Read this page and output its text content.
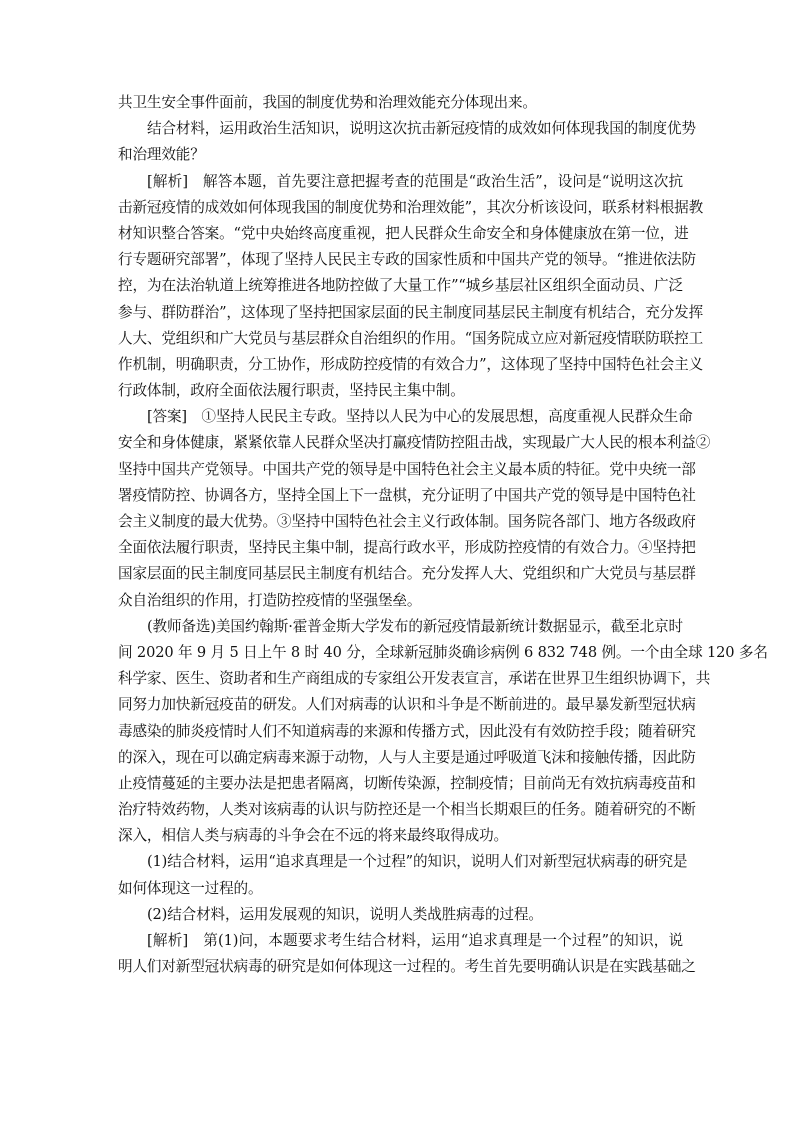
共卫生安全事件面前，我国的制度优势和治理效能充分体现出来。
结合材料，运用政治生活知识，说明这次抗击新冠疫情的成效如何体现我国的制度优势
和治理效能？
[解析]　解答本题，首先要注意把握考查的范围是“政治生活”，设问是“说明这次抗
击新冠疫情的成效如何体现我国的制度优势和治理效能”，其次分析该设问，联系材料根据教
材知识整合答案。“党中央始终高度重视，把人民群众生命安全和身体健康放在第一位，进
行专题研究部署”，体现了坚持人民民主专政的国家性质和中国共产党的领导。“推进依法防
控，为在法治轨道上统筹推进各地防控做了大量工作”“城乡基层社区组织全面动员、广泛
参与、群防群治”，这体现了坚持把国家层面的民主制度同基层民主制度有机结合，充分发挥
人大、党组织和广大党员与基层群众自治组织的作用。“国务院成立应对新冠疫情联防联控工
作机制，明确职责，分工协作，形成防控疫情的有效合力”，这体现了坚持中国特色社会主义
行政体制，政府全面依法履行职责，坚持民主集中制。
[答案]　①坚持人民民主专政。坚持以人民为中心的发展思想，高度重视人民群众生命
安全和身体健康，紧紧依靠人民群众坚决打赢疫情防控阻击战，实现最广大人民的根本利益②
坚持中国共产党领导。中国共产党的领导是中国特色社会主义最本质的特征。党中央统一部
署疫情防控、协调各方，坚持全国上下一盘棋，充分证明了中国共产党的领导是中国特色社
会主义制度的最大优势。③坚持中国特色社会主义行政体制。国务院各部门、地方各级政府
全面依法履行职责，坚持民主集中制，提高行政水平，形成防控疫情的有效合力。④坚持把
国家层面的民主制度同基层民主制度有机结合。充分发挥人大、党组织和广大党员与基层群
众自治组织的作用，打造防控疫情的坚强堡垒。
(教师备选)美国约翰斯·霍普金斯大学发布的新冠疫情最新统计数据显示，截至北京时
间 2020 年 9 月 5 日上午 8 时 40 分，全球新冠肺炎确诊病例 6 832 748 例。一个由全球 120 多名
科学家、医生、资助者和生产商组成的专家组公开发表宣言，承诺在世界卫生组织协调下，共
同努力加快新冠疫苗的研发。人们对病毒的认识和斗争是不断前进的。最早暴发新型冠状病
毒感染的肺炎疫情时人们不知道病毒的来源和传播方式，因此没有有效防控手段；随着研究
的深入，现在可以确定病毒来源于动物，人与人主要是通过呼吸道飞沫和接触传播，因此防
止疫情蔓延的主要办法是把患者隔离，切断传染源，控制疫情；目前尚无有效抗病毒疫苗和
治疗特效药物，人类对该病毒的认识与防控还是一个相当长期艰巨的任务。随着研究的不断
深入，相信人类与病毒的斗争会在不远的将来最终取得成功。
(1)结合材料，运用“追求真理是一个过程”的知识，说明人们对新型冠状病毒的研究是
如何体现这一过程的。
(2)结合材料，运用发展观的知识，说明人类战胜病毒的过程。
[解析]　第(1)问，本题要求考生结合材料，运用“追求真理是一个过程”的知识，说
明人们对新型冠状病毒的研究是如何体现这一过程的。考生首先要明确认识是在实践基础之
